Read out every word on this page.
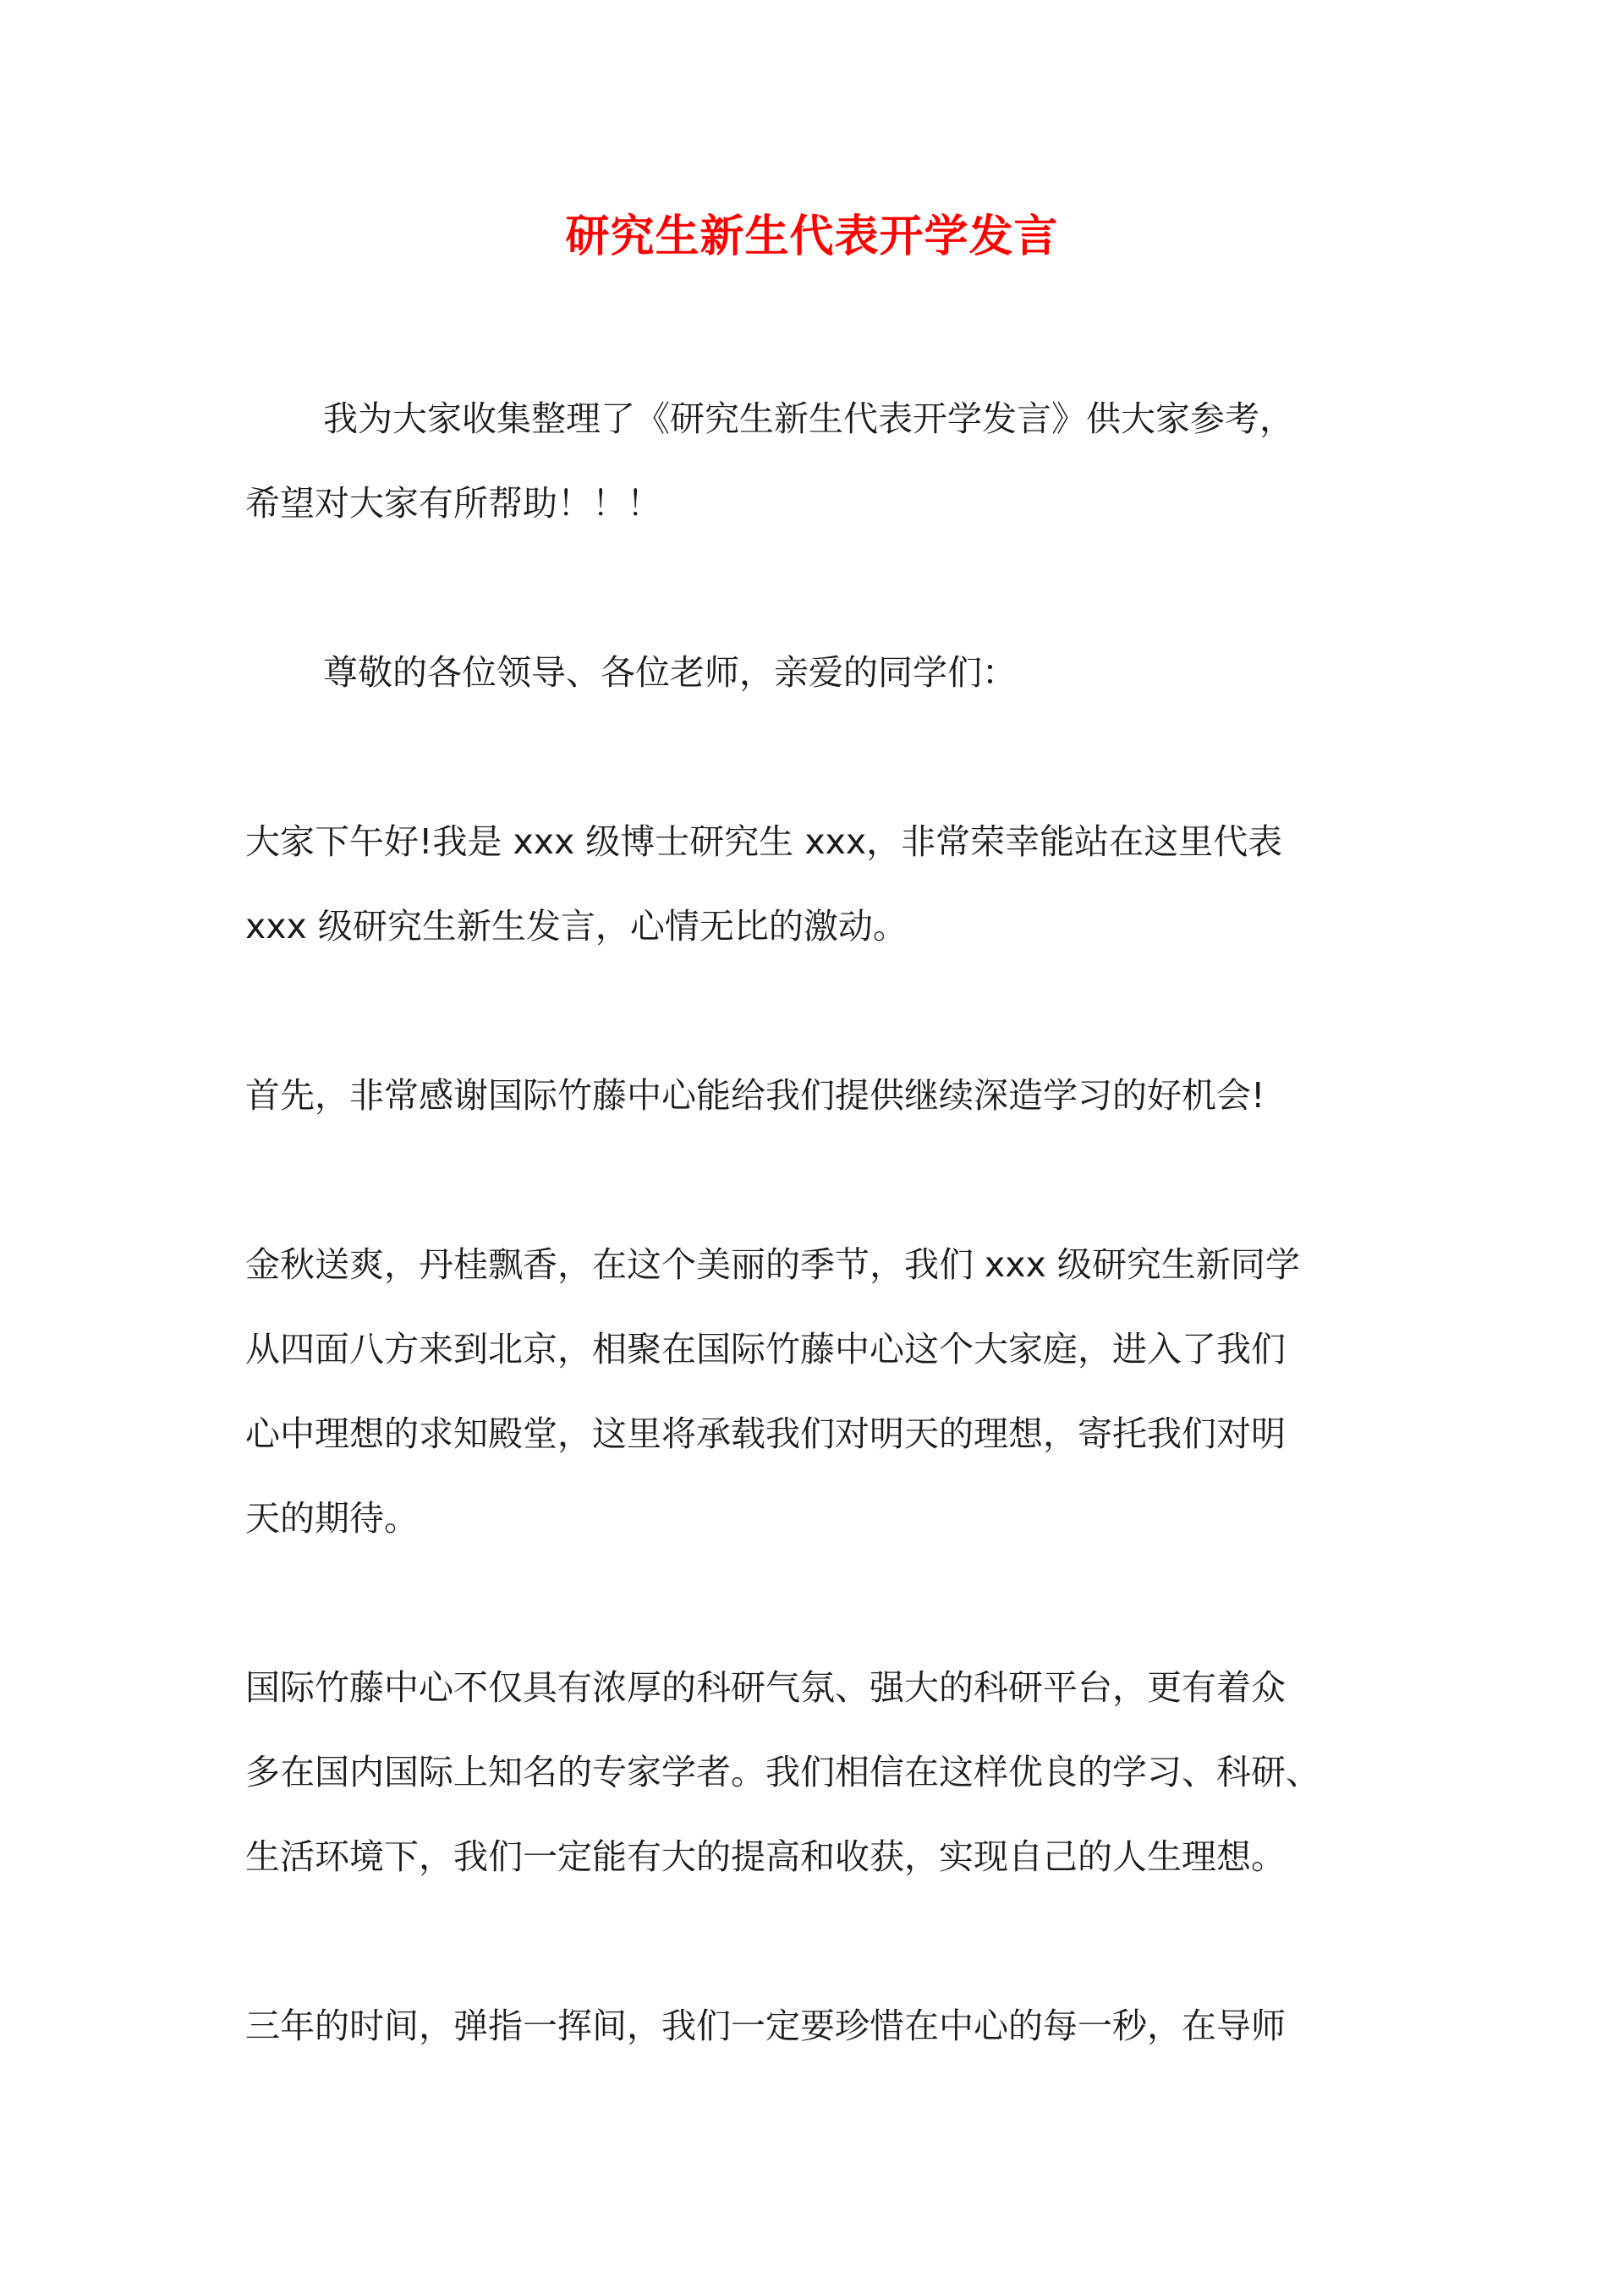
研究生新生代表开学发言
我为大家收集整理了《研究生新生代表开学发言》供大家参考，
希望对大家有所帮助！！！
尊敬的各位领导、各位老师，亲爱的同学们：
大家下午好!我是 xxx 级博士研究生 xxx，非常荣幸能站在这里代表
xxx 级研究生新生发言，心情无比的激动。
首先，非常感谢国际竹藤中心能给我们提供继续深造学习的好机会!
金秋送爽，丹桂飘香，在这个美丽的季节，我们 xxx 级研究生新同学
从四面八方来到北京，相聚在国际竹藤中心这个大家庭，进入了我们
心中理想的求知殿堂，这里将承载我们对明天的理想，寄托我们对明
天的期待。
国际竹藤中心不仅具有浓厚的科研气氛、强大的科研平台，更有着众
多在国内国际上知名的专家学者。我们相信在这样优良的学习、科研、
生活环境下，我们一定能有大的提高和收获，实现自己的人生理想。
三年的时间，弹指一挥间，我们一定要珍惜在中心的每一秒，在导师
